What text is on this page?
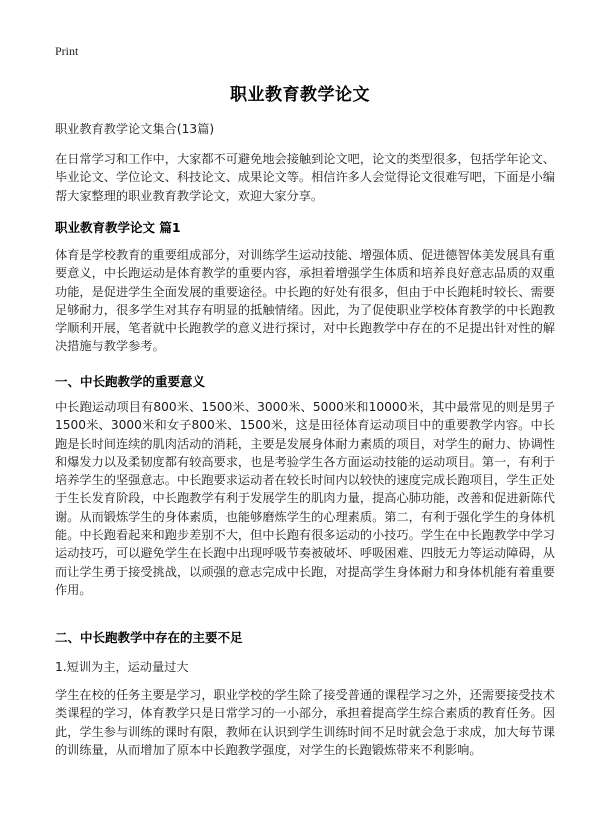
Print
职业教育教学论文
职业教育教学论文集合(13篇)

在日常学习和工作中，大家都不可避免地会接触到论文吧，论文的类型很多，包括学年论文、毕业论文、学位论文、科技论文、成果论文等。相信许多人会觉得论文很难写吧，下面是小编帮大家整理的职业教育教学论文，欢迎大家分享。

职业教育教学论文 篇1

体育是学校教育的重要组成部分，对训练学生运动技能、增强体质、促进德智体美发展具有重要意义，中长跑运动是体育教学的重要内容，承担着增强学生体质和培养良好意志品质的双重功能，是促进学生全面发展的重要途径。中长跑的好处有很多，但由于中长跑耗时较长、需要足够耐力，很多学生对其存有明显的抵触情绪。因此，为了促使职业学校体育教学的中长跑教学顺利开展，笔者就中长跑教学的意义进行探讨，对中长跑教学中存在的不足提出针对性的解决措施与教学参考。

一、中长跑教学的重要意义

中长跑运动项目有800米、1500米、3000米、5000米和10000米，其中最常见的则是男子1500米、3000米和女子800米、1500米，这是田径体育运动项目中的重要教学内容。中长跑是长时间连续的肌肉活动的消耗，主要是发展身体耐力素质的项目，对学生的耐力、协调性和爆发力以及柔韧度都有较高要求，也是考验学生各方面运动技能的运动项目。第一，有利于培养学生的坚强意志。中长跑要求运动者在较长时间内以较快的速度完成长跑项目，学生正处于生长发育阶段，中长跑教学有利于发展学生的肌肉力量，提高心肺功能，改善和促进新陈代谢。从而锻炼学生的身体素质，也能够磨炼学生的心理素质。第二，有利于强化学生的身体机能。中长跑看起来和跑步差别不大，但中长跑有很多运动的小技巧。学生在中长跑教学中学习运动技巧，可以避免学生在长跑中出现呼吸节奏被破坏、呼吸困难、四肢无力等运动障碍，从而让学生勇于接受挑战，以顽强的意志完成中长跑，对提高学生身体耐力和身体机能有着重要作用。

二、中长跑教学中存在的主要不足
1.短训为主，运动量过大

学生在校的任务主要是学习，职业学校的学生除了接受普通的课程学习之外，还需要接受技术类课程的学习，体育教学只是日常学习的一小部分，承担着提高学生综合素质的教育任务。因此，学生参与训练的课时有限，教师在认识到学生训练时间不足时就会急于求成，加大每节课的训练量，从而增加了原本中长跑教学强度，对学生的长跑锻炼带来不利影响。
